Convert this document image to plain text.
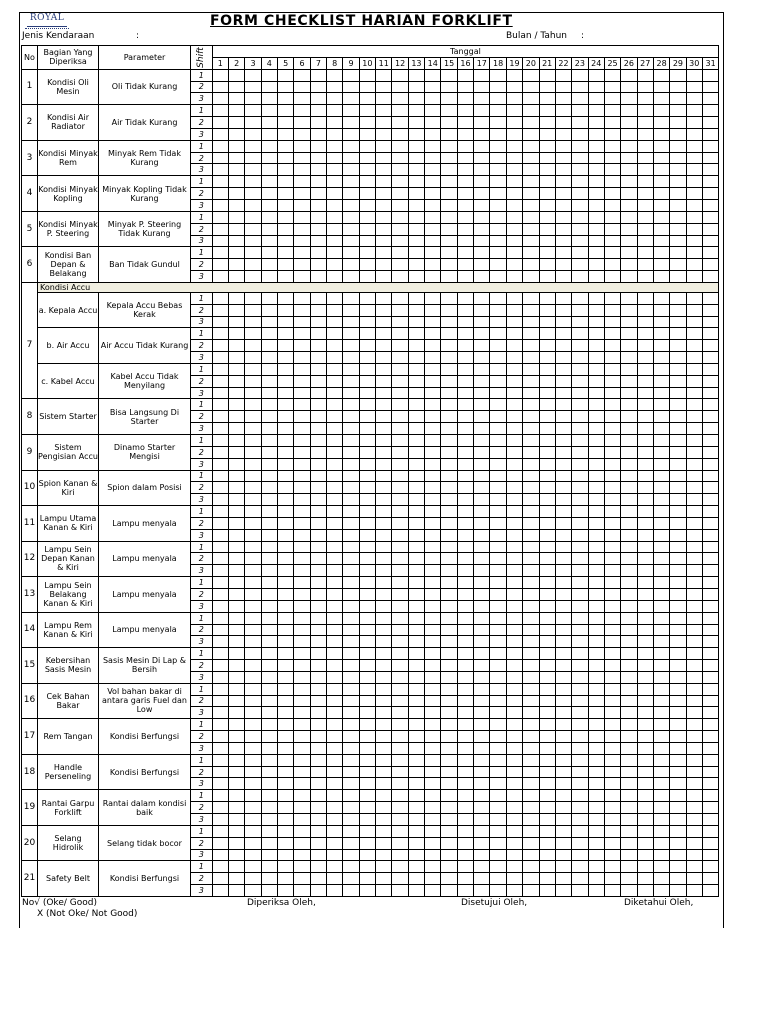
ROYAL	FORM CHECKLIST HARIAN FORKLIFT
Jenis Kendaraan	:	Bulan / Tahun :
No	Bagian Yang Diperiksa	Parameter	Shift	Tanggal																														
				1	2	3	4	5	6	7	8	9	10	11	12	13	14	15	16	17	18	19	20	21	22	23	24	25	26	27	28	29	30	31
1	Kondisi Oli Mesin	Oli Tidak Kurang	1																															
			2																															
			3																															
2	Kondisi Air Radiator	Air Tidak Kurang	1																															
			2																															
			3																															
3	Kondisi Minyak Rem	Minyak Rem Tidak Kurang	1																															
			2																															
			3																															
4	Kondisi Minyak Kopling	Minyak Kopling Tidak Kurang	1																															
			2																															
			3																															
5	Kondisi Minyak P. Steering	Minyak P. Steering Tidak Kurang	1																															
			2																															
			3																															
6	Kondisi Ban Depan & Belakang	Ban Tidak Gundul	1																															
			2																															
			3																															
	Kondisi Accu																																	
7	a. Kepala Accu	Kepala Accu Bebas Kerak	1																															
			2																															
			3																															
	b. Air Accu	Air Accu Tidak Kurang	1																															
			2																															
			3																															
	c. Kabel Accu	Kabel Accu Tidak Menyilang	1																															
			2																															
			3																															
8	Sistem Starter	Bisa Langsung Di Starter	1																															
			2																															
			3																															
9	Sistem Pengisian Accu	Dinamo Starter Mengisi	1																															
			2																															
			3																															
10	Spion Kanan & Kiri	Spion dalam Posisi	1																															
			2																															
			3																															
11	Lampu Utama Kanan & Kiri	Lampu menyala	1																															
			2																															
			3																															
12	Lampu Sein Depan Kanan & Kiri	Lampu menyala	1																															
			2																															
			3																															
13	Lampu Sein Belakang Kanan & Kiri	Lampu menyala	1																															
			2																															
			3																															
14	Lampu Rem Kanan & Kiri	Lampu menyala	1																															
			2																															
			3																															
15	Kebersihan Sasis Mesin	Sasis Mesin Di Lap & Bersih	1																															
			2																															
			3																															
16	Cek Bahan Bakar	Vol bahan bakar di antara garis Fuel dan Low	1																															
			2																															
			3																															
17	Rem Tangan	Kondisi Berfungsi	1																															
			2																															
			3																															
18	Handle Perseneling	Kondisi Berfungsi	1																															
			2																															
			3																															
19	Rantai Garpu Forklift	Rantai dalam kondisi baik	1																															
			2																															
			3																															
20	Selang Hidrolik	Selang tidak bocor	1																															
			2																															
			3																															
21	Safety Belt	Kondisi Berfungsi	1																															
			2																															
			3																															
No√ (Oke/ Good)
X (Not Oke/ Not Good)
Diperiksa Oleh,	Disetujui Oleh,	Diketahui Oleh,
